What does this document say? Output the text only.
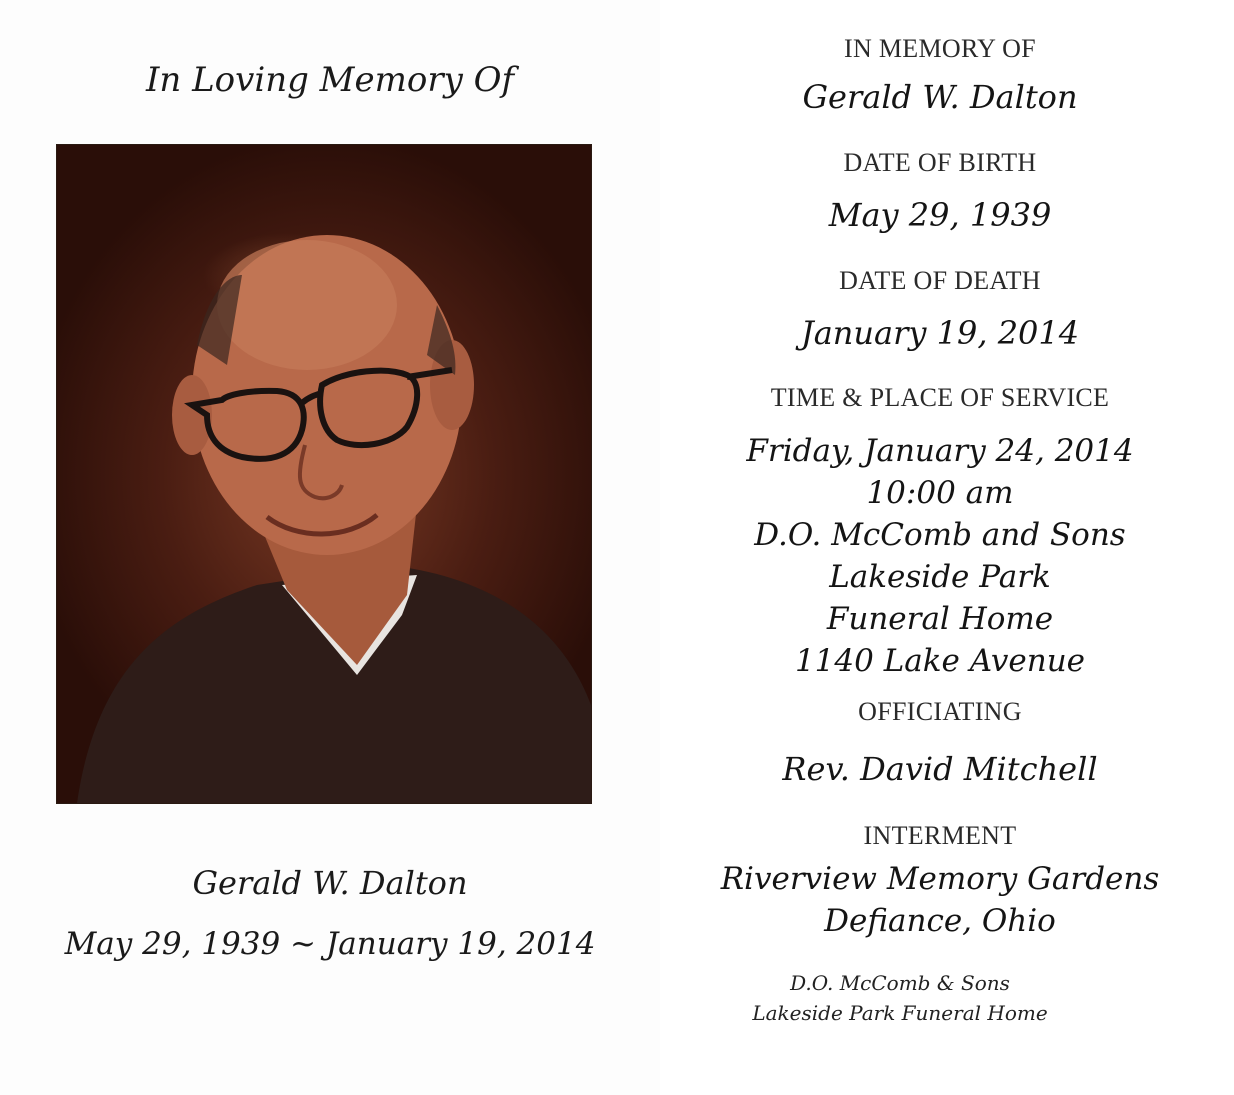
In Loving Memory Of
Gerald W. Dalton
May 29, 1939 ~ January 19, 2014
IN MEMORY OF
Gerald W. Dalton
DATE OF BIRTH
May 29, 1939
DATE OF DEATH
January 19, 2014
TIME & PLACE OF SERVICE
Friday, January 24, 2014
10:00 am
D.O. McComb and Sons
Lakeside Park
Funeral Home
1140 Lake Avenue
OFFICIATING
Rev. David Mitchell
INTERMENT
Riverview Memory Gardens
Defiance, Ohio
D.O. McComb & Sons
Lakeside Park Funeral Home
